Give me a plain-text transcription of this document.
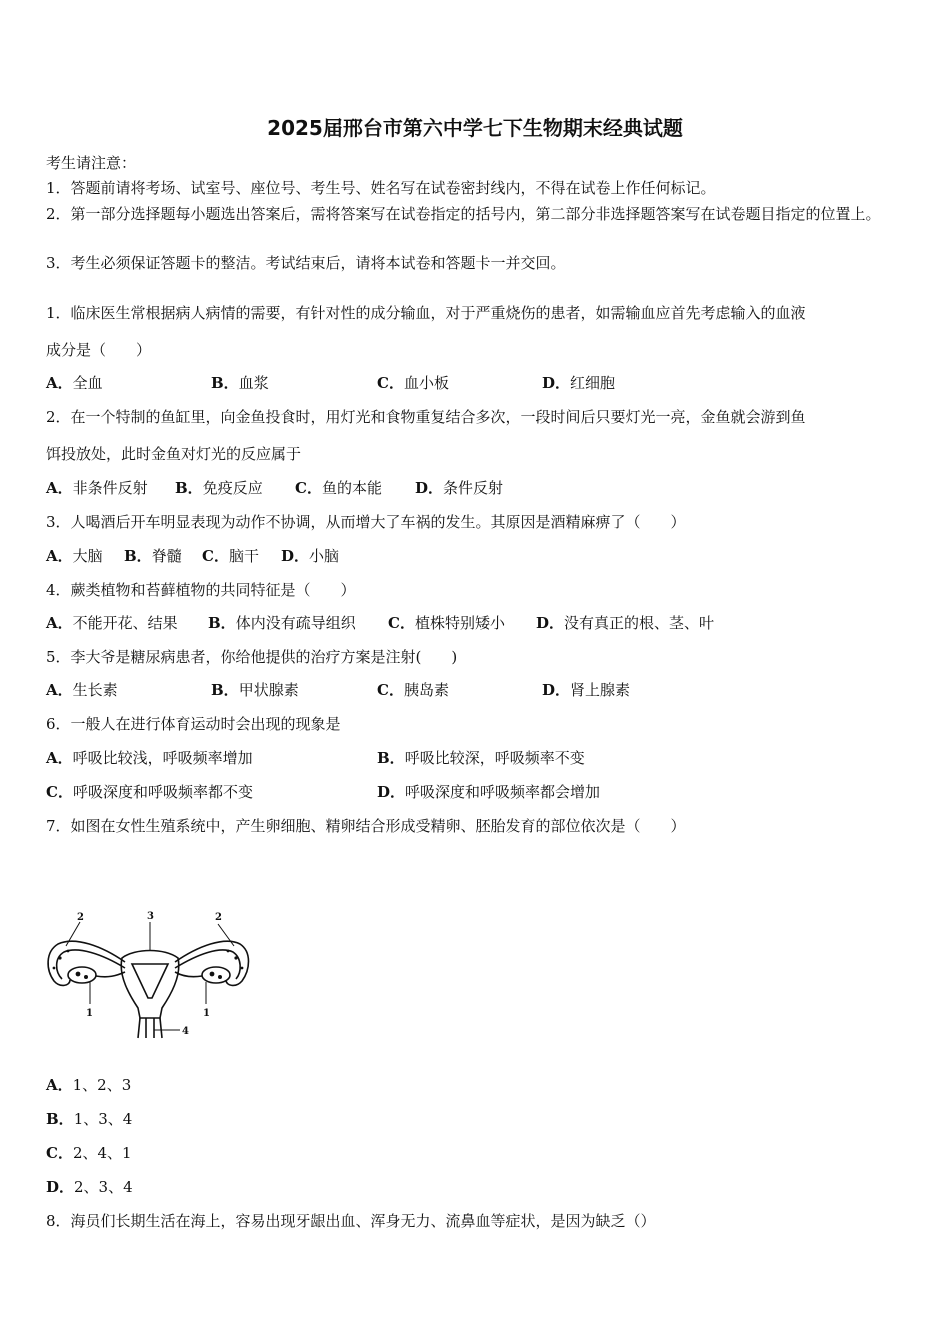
2025届邢台市第六中学七下生物期末经典试题
考生请注意：
1．答题前请将考场、试室号、座位号、考生号、姓名写在试卷密封线内，不得在试卷上作任何标记。
2．第一部分选择题每小题选出答案后，需将答案写在试卷指定的括号内，第二部分非选择题答案写在试卷题目指定的位置上。
3．考生必须保证答题卡的整洁。考试结束后，请将本试卷和答题卡一并交回。
1．临床医生常根据病人病情的需要，有针对性的成分输血，对于严重烧伤的患者，如需输血应首先考虑输入的血液
成分是（　　）
A．全血	B．血浆	C．血小板	D．红细胞
2．在一个特制的鱼缸里，向金鱼投食时，用灯光和食物重复结合多次，一段时间后只要灯光一亮，金鱼就会游到鱼
饵投放处，此时金鱼对灯光的反应属于
A．非条件反射 B．免疫反应 C．鱼的本能 D．条件反射
3．人喝酒后开车明显表现为动作不协调，从而增大了车祸的发生。其原因是酒精麻痹了（　　）
A．大脑 B．脊髓 C．脑干 D．小脑
4．蕨类植物和苔藓植物的共同特征是（　　）
A．不能开花、结果 B．体内没有疏导组织 C．植株特别矮小 D．没有真正的根、茎、叶
5．李大爷是糖尿病患者，你给他提供的治疗方案是注射(　　)
A．生长素	B．甲状腺素	C．胰岛素	D．肾上腺素
6．一般人在进行体育运动时会出现的现象是
A．呼吸比较浅，呼吸频率增加	B．呼吸比较深，呼吸频率不变
C．呼吸深度和呼吸频率都不变	D．呼吸深度和呼吸频率都会增加
7．如图在女性生殖系统中，产生卵细胞、精卵结合形成受精卵、胚胎发育的部位依次是（　　）
2	3	2
1	1
4
A．1、2、3
B．1、3、4
C．2、4、1
D．2、3、4
8．海员们长期生活在海上，容易出现牙龈出血、浑身无力、流鼻血等症状，是因为缺乏（）
